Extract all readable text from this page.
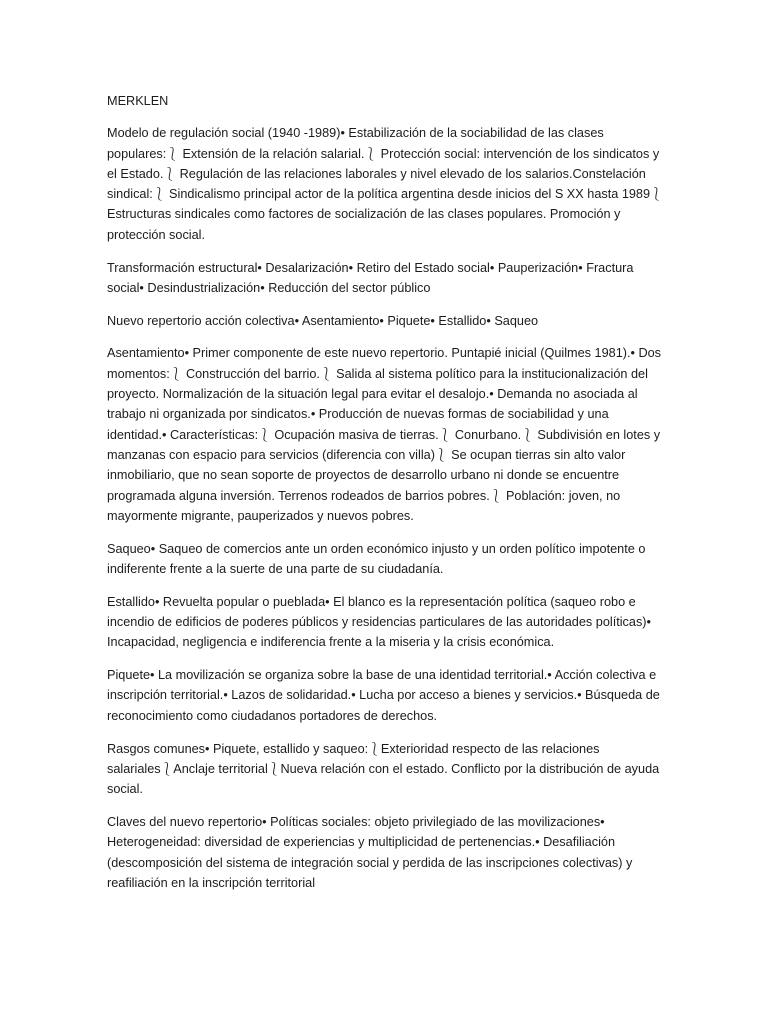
MERKLEN

Modelo de regulación social (1940 -1989)• Estabilización de la sociabilidad de las clases populares:⎱ Extensión de la relación salarial.⎱ Protección social: intervención de los sindicatos y el Estado.⎱ Regulación de las relaciones laborales y nivel elevado de los salarios.Constelación sindical:⎱ Sindicalismo principal actor de la política argentina desde inicios del S XX hasta 1989⎱ Estructuras sindicales como factores de socialización de las clases populares. Promoción y protección social.

Transformación estructural• Desalarización• Retiro del Estado social• Pauperización• Fractura social• Desindustrialización• Reducción del sector público

Nuevo repertorio acción colectiva• Asentamiento• Piquete• Estallido• Saqueo

Asentamiento• Primer componente de este nuevo repertorio. Puntapié inicial (Quilmes 1981).• Dos momentos:⎱ Construcción del barrio.⎱ Salida al sistema político para la institucionalización del proyecto. Normalización de la situación legal para evitar el desalojo.• Demanda no asociada al trabajo ni organizada por sindicatos.• Producción de nuevas formas de sociabilidad y una identidad.• Características:⎱ Ocupación masiva de tierras.⎱ Conurbano.⎱ Subdivisión en lotes y manzanas con espacio para servicios (diferencia con villa)⎱ Se ocupan tierras sin alto valor inmobiliario, que no sean soporte de proyectos de desarrollo urbano ni donde se encuentre programada alguna inversión. Terrenos rodeados de barrios pobres.⎱ Población: joven, no mayormente migrante, pauperizados y nuevos pobres.

Saqueo• Saqueo de comercios ante un orden económico injusto y un orden político impotente o indiferente frente a la suerte de una parte de su ciudadanía.

Estallido• Revuelta popular o pueblada• El blanco es la representación política (saqueo robo e incendio de edificios de poderes públicos y residencias particulares de las autoridades políticas)• Incapacidad, negligencia e indiferencia frente a la miseria y la crisis económica.

Piquete• La movilización se organiza sobre la base de una identidad territorial.• Acción colectiva e inscripción territorial.• Lazos de solidaridad.• Lucha por acceso a bienes y servicios.• Búsqueda de reconocimiento como ciudadanos portadores de derechos.

Rasgos comunes• Piquete, estallido y saqueo:⎱Exterioridad respecto de las relaciones salariales⎱Anclaje territorial⎱Nueva relación con el estado. Conflicto por la distribución de ayuda social.

Claves del nuevo repertorio• Políticas sociales: objeto privilegiado de las movilizaciones• Heterogeneidad: diversidad de experiencias y multiplicidad de pertenencias.• Desafiliación (descomposición del sistema de integración social y perdida de las inscripciones colectivas) y reafiliación en la inscripción territorial
